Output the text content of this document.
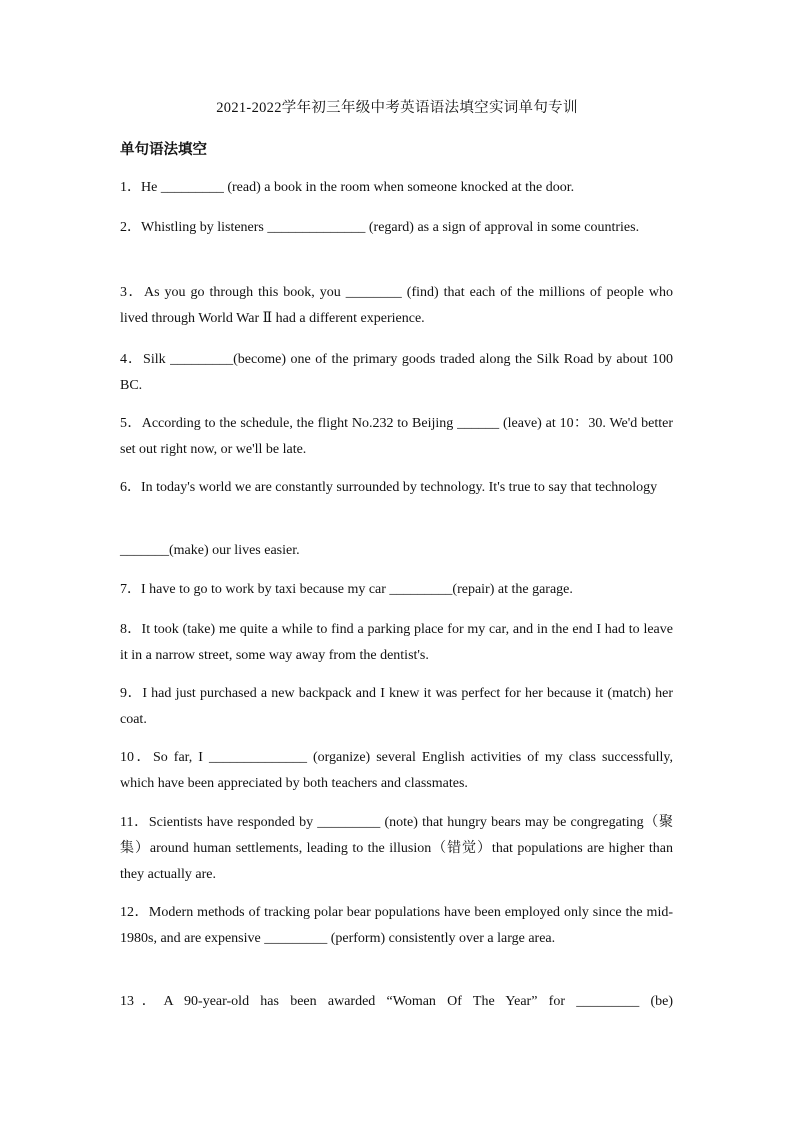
2021-2022学年初三年级中考英语语法填空实词单句专训
单句语法填空

1．He _________ (read) a book in the room when someone knocked at the door.

2．Whistling by listeners ______________ (regard) as a sign of approval in some countries.

3．As you go through this book, you ________ (find) that each of the millions of people who lived through World War Ⅱ had a different experience.

4．Silk _________(become) one of the primary goods traded along the Silk Road by about 100 BC.

5．According to the schedule, the flight No.232 to Beijing ______ (leave) at 10：30. We'd better set out right now, or we'll be late.

6．In today's world we are constantly surrounded by technology. It's true to say that technology

_______(make) our lives easier.

7．I have to go to work by taxi because my car _________(repair) at the garage.

8．It took (take) me quite a while to find a parking place for my car, and in the end I had to leave it in a narrow street, some way away from the dentist's.

9．I had just purchased a new backpack and I knew it was perfect for her because it (match) her coat.

10．So far, I ______________ (organize) several English activities of my class successfully, which have been appreciated by both teachers and classmates.

11．Scientists have responded by _________ (note) that hungry bears may be congregating（聚集）around human settlements, leading to the illusion（错觉）that populations are higher than they actually are.

12．Modern methods of tracking polar bear populations have been employed only since the mid-1980s, and are expensive _________ (perform) consistently over a large area.

13．A 90-year-old has been awarded “Woman Of The Year” for _________ (be)
